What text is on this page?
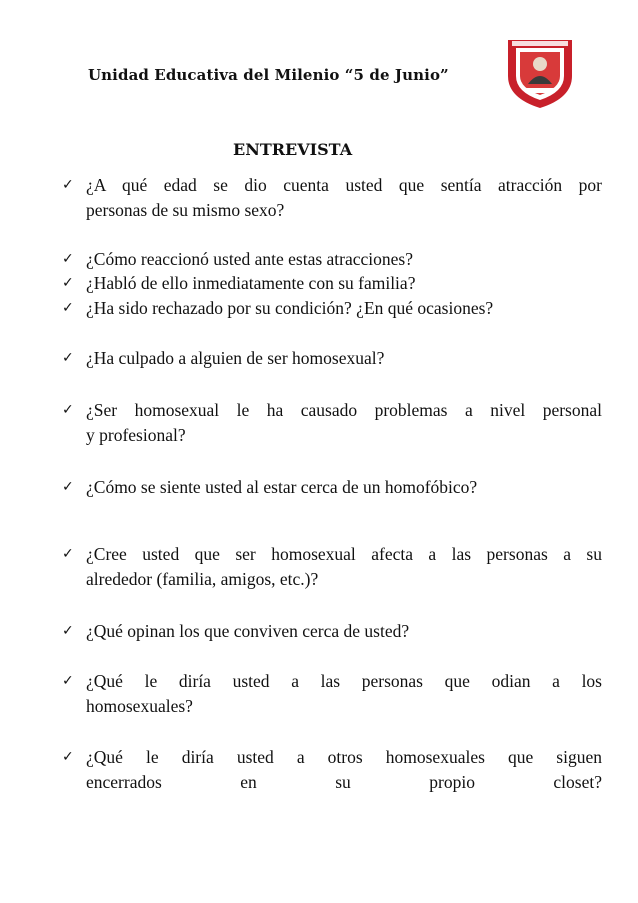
Unidad Educativa del Milenio “5 de Junio”
ENTREVISTA
✓ ¿A qué edad se dio cuenta usted que sentía atracción por
personas de su mismo sexo?
✓ ¿Cómo reaccionó usted ante estas atracciones?
✓ ¿Habló de ello inmediatamente con su familia?
✓ ¿Ha sido rechazado por su condición? ¿En qué ocasiones?
✓ ¿Ha culpado a alguien de ser homosexual?
✓ ¿Ser homosexual le ha causado problemas a nivel personal
y profesional?
✓ ¿Cómo se siente usted al estar cerca de un homofóbico?
✓ ¿Cree usted que ser homosexual afecta a las personas a su
alrededor (familia, amigos, etc.)?
✓ ¿Qué opinan los que conviven cerca de usted?
✓ ¿Qué le diría usted a las personas que odian a los
homosexuales?
✓ ¿Qué le diría usted a otros homosexuales que siguen
encerrados en su propio closet?
